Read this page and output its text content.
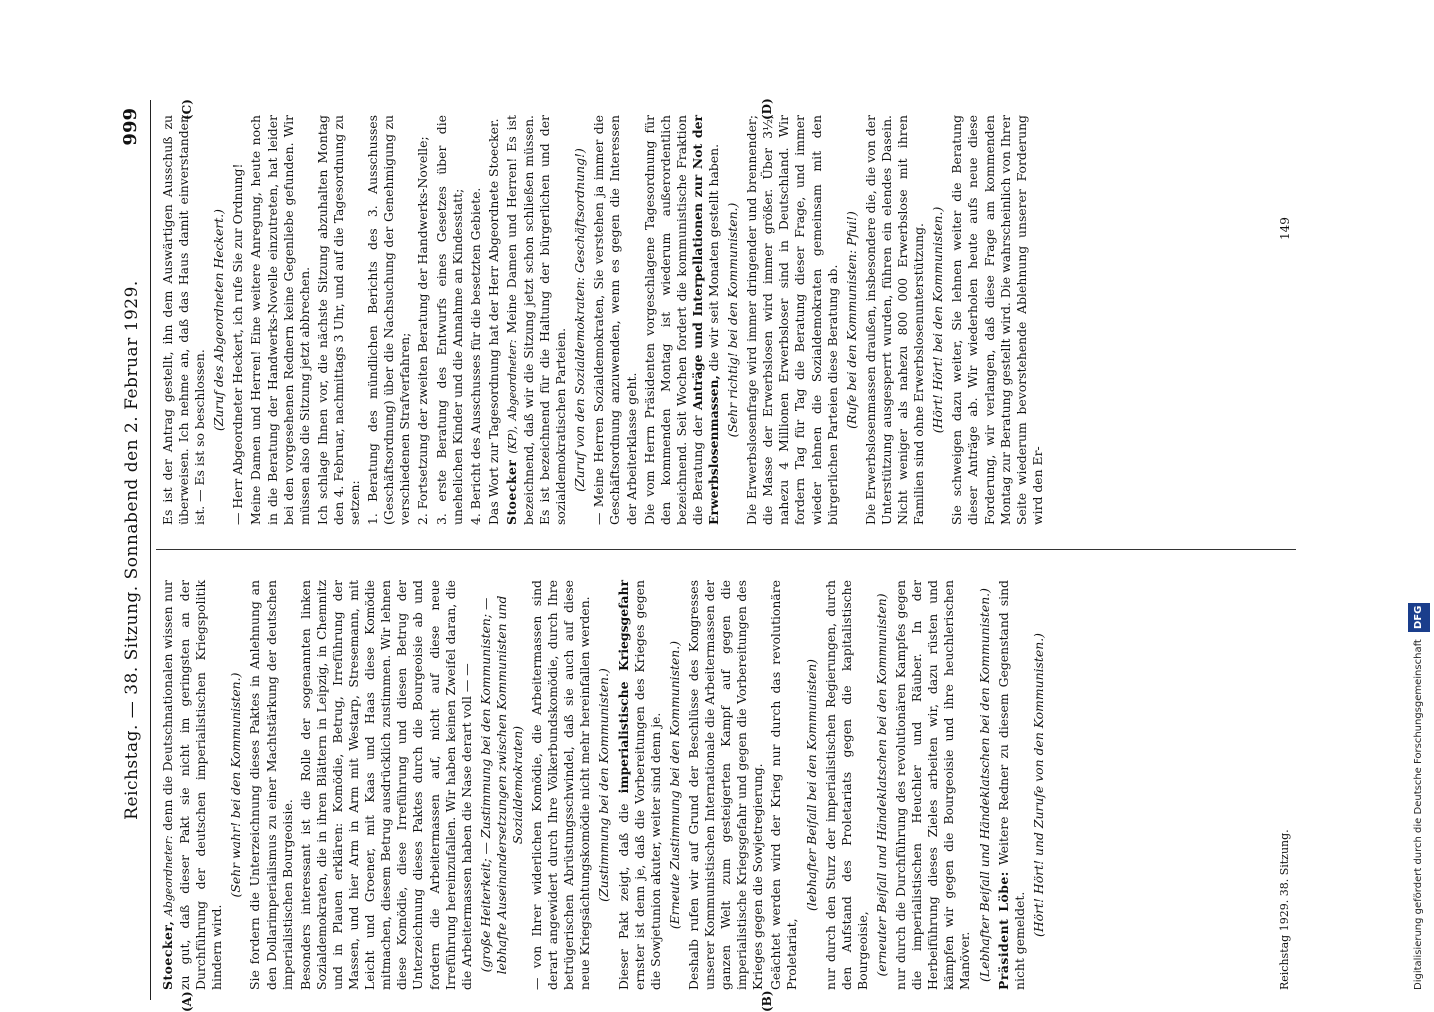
Reichstag. — 38. Sitzung. Sonnabend den 2. Februar 1929.
999
(A)	(B)
(C)	(D)

Stoecker, Abgeordneter: denn die Deutschnationalen wissen nur zu gut, daß dieser Pakt sie nicht im geringsten an der Durchführung der deutschen imperialistischen Kriegspolitik hindern wird.

(Sehr wahr! bei den Kommunisten.) Sie fordern die Unterzeichnung dieses Paktes in Anlehnung an den Dollarimperialismus zu einer Machtstärkung der deutschen imperialistischen Bourgeoisie. Besonders interessant ist die Rolle der sogenannten linken Sozialdemokraten, die in ihren Blättern in Leipzig, in Chemnitz und in Plauen erklären: Komödie, Betrug, Irreführung der Massen, und hier Arm in Arm mit Westarp, Stresemann, mit Leicht und Groener, mit Kaas und Haas diese Komödie mitmachen, diesem Betrug ausdrücklich zustimmen. Wir lehnen diese Komödie, diese Irreführung und diesen Betrug der Unterzeichnung dieses Paktes durch die Bourgeoisie ab und fordern die Arbeitermassen auf, nicht auf diese neue Irreführung hereinzufallen. Wir haben keinen Zweifel daran, die die Arbeitermassen haben die Nase derart voll — — (große Heiterkeit; — Zustimmung bei den Kommunisten; — lebhafte Auseinandersetzungen zwischen Kommunisten und Sozialdemokraten) — von Ihrer widerlichen Komödie, die Arbeitermassen sind derart angewidert durch Ihre Völkerbundskomödie, durch Ihre betrügerischen Abrüstungsschwindel, daß sie auch auf diese neue Kriegsächtungskomödie nicht mehr hereinfallen werden. (Zustimmung bei den Kommunisten.) Dieser Pakt zeigt, daß die imperialistische Kriegsgefahr ernster ist denn je, daß die Vorbereitungen des Krieges gegen die Sowjetunion akuter, weiter sind denn je. (Erneute Zustimmung bei den Kommunisten.) Deshalb rufen wir auf Grund der Beschlüsse des Kongresses unserer Kommunistischen Internationale die Arbeitermassen der ganzen Welt zum gesteigerten Kampf auf gegen die imperialistische Kriegsgefahr und gegen die Vorbereitungen des Krieges gegen die Sowjetregierung. Geächtet werden wird der Krieg nur durch das revolutionäre Proletariat,

(lebhafter Beifall bei den Kommunisten) nur durch den Sturz der imperialistischen Regierungen, durch den Aufstand des Proletariats gegen die kapitalistische Bourgeoisie, (erneuter Beifall und Händeklatschen bei den Kommunisten) nur durch die Durchführung des revolutionären Kampfes gegen die imperialistischen Heuchler und Räuber. In der Herbeiführung dieses Zieles arbeiten wir, dazu rüsten und kämpfen wir gegen die Bourgeoisie und ihre heuchlerischen Manöver. (Lebhafter Beifall und Händeklatschen bei den Kommunisten.) Präsident Löbe: Weitere Redner zu diesem Gegenstand sind nicht gemeldet.

(Hört! Hört! und Zurufe von den Kommunisten.)

Es ist der Antrag gestellt, ihn dem Auswärtigen Ausschuß zu überweisen. Ich nehme an, daß das Haus damit einverstanden ist. — Es ist so beschlossen.

(Zuruf des Abgeordneten Heckert.) — Herr Abgeordneter Heckert, ich rufe Sie zur Ordnung! Meine Damen und Herren! Eine weitere Anregung, heute noch in die Beratung der Handwerks-Novelle einzutreten, hat leider bei den vorgesehenen Rednern keine Gegenliebe gefunden. Wir müssen also die Sitzung jetzt abbrechen. Ich schlage Ihnen vor, die nächste Sitzung abzuhalten Montag den 4. Februar, nachmittags 3 Uhr, und auf die Tagesordnung zu setzen: 1. Beratung des mündlichen Berichts des 3. Ausschusses (Geschäftsordnung) über die Nachsuchung der Genehmigung zu verschiedenen Strafverfahren; 2. Fortsetzung der zweiten Beratung der Handwerks-Novelle; 3. erste Beratung des Entwurfs eines Gesetzes über die unehelichen Kinder und die Annahme an Kindesstatt; 4. Bericht des Ausschusses für die besetzten Gebiete. Das Wort zur Tagesordnung hat der Herr Abgeordnete Stoecker. Stoecker (KP), Abgeordneter: Meine Damen und Herren! Es ist bezeichnend, daß wir die Sitzung jetzt schon schließen müssen. Es ist bezeichnend für die Haltung der bürgerlichen und der sozialdemokratischen Parteien. (Zuruf von den Sozialdemokraten: Geschäftsordnung!) — Meine Herren Sozialdemokraten, Sie verstehen ja immer die Geschäftsordnung anzuwenden, wenn es gegen die Interessen der Arbeiterklasse geht. Die vom Herrn Präsidenten vorgeschlagene Tagesordnung für den kommenden Montag ist wiederum außerordentlich bezeichnend. Seit Wochen fordert die kommunistische Fraktion die Beratung der Anträge und Interpellationen zur Not der Erwerbslosenmassen, die wir seit Monaten gestellt haben. (Sehr richtig! bei den Kommunisten.) Die Erwerbslosenfrage wird immer dringender und brennender; die Masse der Erwerbslosen wird immer größer. Über 3½, nahezu 4 Millionen Erwerbsloser sind in Deutschland. Wir fordern Tag für Tag die Beratung dieser Frage, und immer wieder lehnen die Sozialdemokraten gemeinsam mit den bürgerlichen Parteien diese Beratung ab. (Rufe bei den Kommunisten: Pfui!) Die Erwerbslosenmassen draußen, insbesondere die, die von der Unterstützung ausgesperrt wurden, führen ein elendes Dasein. Nicht weniger als nahezu 800 000 Erwerbslose mit ihren Familien sind ohne Erwerbslosenunterstützung. (Hört! Hört! bei den Kommunisten.) Sie schweigen dazu weiter, Sie lehnen weiter die Beratung dieser Anträge ab. Wir wiederholen heute aufs neue diese Forderung, wir verlangen, daß diese Frage am kommenden Montag zur Beratung gestellt wird. Die wahrscheinlich von Ihrer Seite wiederum bevorstehende Ablehnung unserer Forderung wird den Er-

Reichstag 1929. 38. Sitzung.
149
Digitalisierung gefördert durch die Deutsche Forschungsgemeinschaft DFG
